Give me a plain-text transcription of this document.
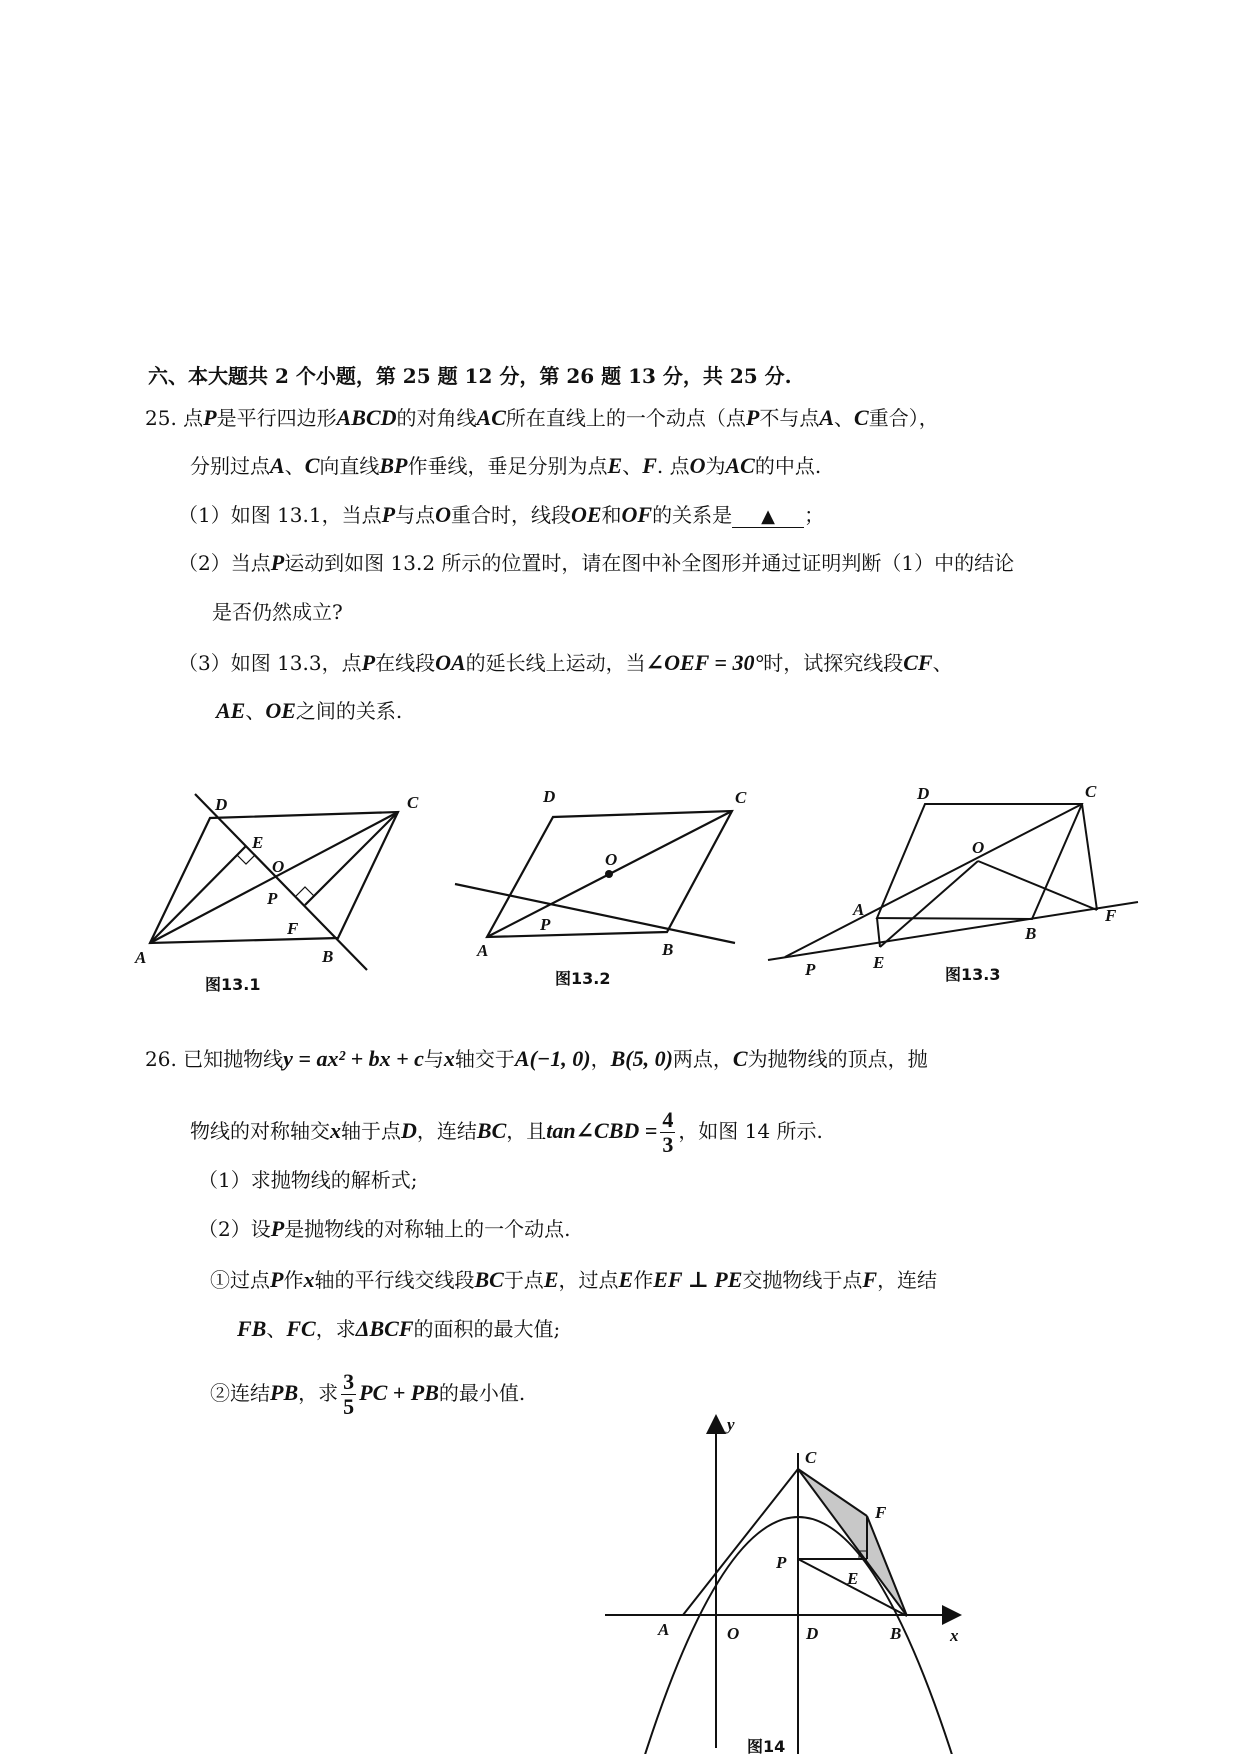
六、本大题共 2 个小题，第 25 题 12 分，第 26 题 13 分，共 25 分.
25. 点P是平行四边形ABCD的对角线AC所在直线上的一个动点（点P不与点A、C重合），
分别过点A、C向直线BP作垂线，垂足分别为点E、F. 点O为AC的中点.
（1）如图 13.1，当点P与点O重合时，线段OE和OF的关系是 ▲ ；
（2）当点P运动到如图 13.2 所示的位置时，请在图中补全图形并通过证明判断（1）中的结论
是否仍然成立?
（3）如图 13.3，点P在线段OA的延长线上运动，当∠OEF = 30°时，试探究线段CF、
AE、OE之间的关系.
A	B
C
D
E
O
P
F
图13.1
A	B
C
D
O
P
图13.2
A
B
C
D
O
P	E
F
图13.3
26. 已知抛物线y = ax² + bx + c与x轴交于A(−1, 0)，B(5, 0)两点，C为抛物线的顶点，抛
物线的对称轴交x轴于点D，连结BC，且tan∠CBD = $\frac{4}{3}$ ，如图 14 所示.
（1）求抛物线的解析式;
（2）设P是抛物线的对称轴上的一个动点.
①过点P作x轴的平行线交线段BC于点E，过点E作EF ⊥ PE交抛物线于点F，连结
FB、FC，求ΔBCF的面积的最大值;
②连结PB，求 $\frac{3}{5}$ PC + PB的最小值.
y
x
C
F
P
E
A	O	D	B
图14
